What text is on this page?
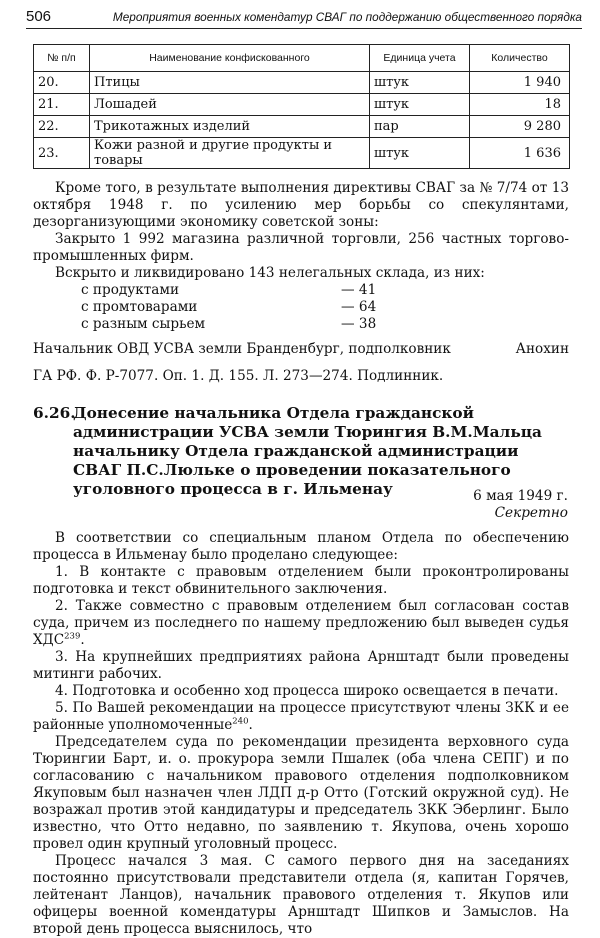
506	Мероприятия военных комендатур СВАГ по поддержанию общественного порядка
№ п/п	Наименование конфискованного	Единица учета	Количество
20.	Птицы	штук	1 940
21.	Лошадей	штук	18
22.	Трикотажных изделий	пар	9 280
23.	Кожи разной и другие продукты и товары	штук	1 636

Кроме того, в результате выполнения директивы СВАГ за № 7/74 от 13 октября 1948 г. по усилению мер борьбы со спекулянтами, дезорганизующими экономику советской зоны:

Закрыто 1 992 магазина различной торговли, 256 частных торгово-промышленных фирм.

Вскрыто и ликвидировано 143 нелегальных склада, из них:

с продуктами	— 41
с промтоварами	— 64
с разным сырьем	— 38
Начальник ОВД УСВА земли Бранденбург, подполковник	Анохин

ГА РФ. Ф. Р-7077. Оп. 1. Д. 155. Л. 273—274. Подлинник.

6.26.
Донесение начальника Отдела гражданской администрации УСВА земли Тюрингия В.М.Мальца начальнику Отдела гражданской администрации СВАГ П.С.Люльке о проведении показательного уголовного процесса в г. Ильменау	6 мая 1949 г.
Секретно

В соответствии со специальным планом Отдела по обеспечению процесса в Ильменау было проделано следующее:

1. В контакте с правовым отделением были проконтролированы подготовка и текст обвинительного заключения.

2. Также совместно с правовым отделением был согласован состав суда, причем из последнего по нашему предложению был выведен судья ХДС$^{239}$.

3. На крупнейших предприятиях района Арнштадт были проведены митинги рабочих.

4. Подготовка и особенно ход процесса широко освещается в печати.

5. По Вашей рекомендации на процессе присутствуют члены ЗКК и ее районные уполномоченные$^{240}$.

Председателем суда по рекомендации президента верховного суда Тюрингии Барт, и. о. прокурора земли Пшалек (оба члена СЕПГ) и по согласованию с начальником правового отделения подполковником Якуповым был назначен член ЛДП д-р Отто (Готский окружной суд). Не возражал против этой кандидатуры и председатель ЗКК Эберлинг. Было известно, что Отто недавно, по заявлению т. Якупова, очень хорошо провел один крупный уголовный процесс.

Процесс начался 3 мая. С самого первого дня на заседаниях постоянно присутствовали представители отдела (я, капитан Горячев, лейтенант Ланцов), начальник правового отделения т. Якупов или офицеры военной комендатуры Арнштадт Шипков и Замыслов. На второй день процесса выяснилось, что
